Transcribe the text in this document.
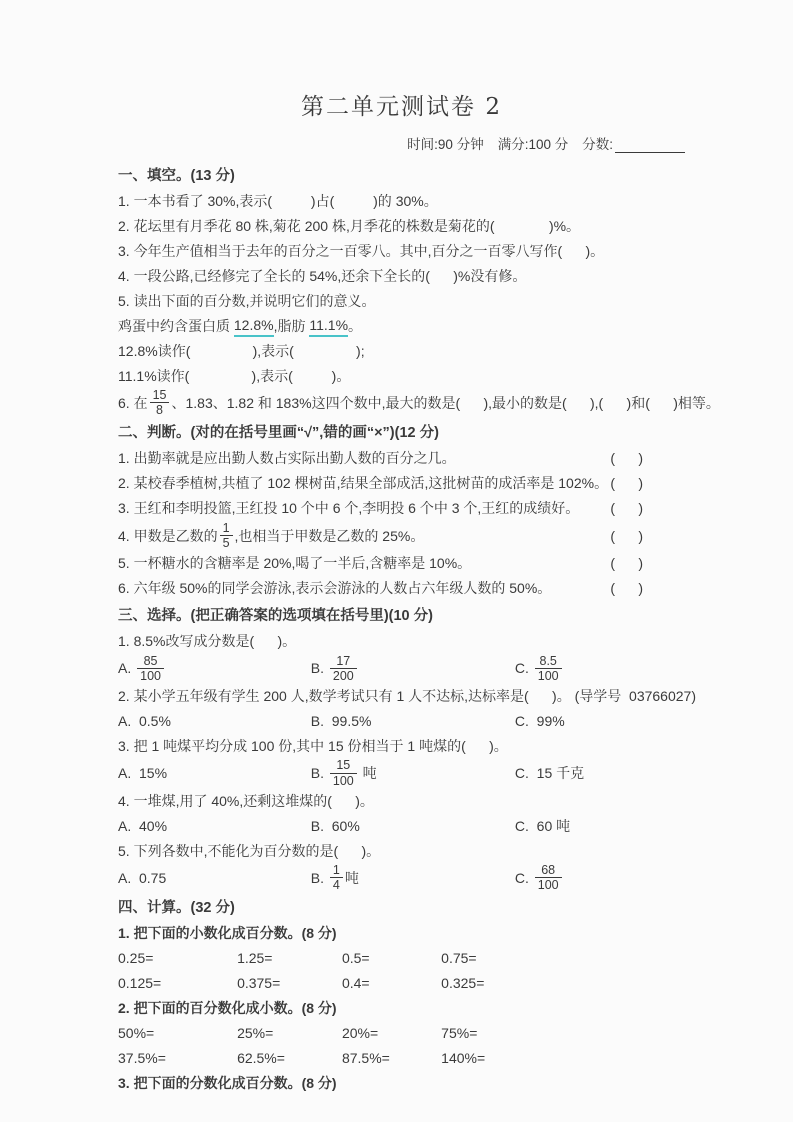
第二单元测试卷 2
时间:90 分钟 满分:100 分 分数:
一、填空。(13 分)
1. 一本书看了 30%,表示(          )占(          )的 30%。
2. 花坛里有月季花 80 株,菊花 200 株,月季花的株数是菊花的(              )%。
3. 今年生产值相当于去年的百分之一百零八。其中,百分之一百零八写作(      )。
4. 一段公路,已经修完了全长的 54%,还余下全长的(      )%没有修。
5. 读出下面的百分数,并说明它们的意义。
鸡蛋中约含蛋白质 12.8% ,脂肪 11.1% 。
12.8%读作(                ),表示(                );
11.1%读作(                ),表示(          )。
6. 在 $\frac{15}{8}$ 、1.83、1.82 和 183%这四个数中,最大的数是(      ),最小的数是(      ),(      )和(      )相等。
二、判断。(对的在括号里画“√”,错的画“×”)(12 分)
1. 出勤率就是应出勤人数占实际出勤人数的百分之几。	(      )
2. 某校春季植树,共植了 102 棵树苗,结果全部成活,这批树苗的成活率是 102%。 (      )
3. 王红和李明投篮,王红投 10 个中 6 个,李明投 6 个中 3 个,王红的成绩好。 (      )
4. 甲数是乙数的 $\frac{1}{5}$ ,也相当于甲数是乙数的 25%。	(      )
5. 一杯糖水的含糖率是 20%,喝了一半后,含糖率是 10%。	(      )
6. 六年级 50%的同学会游泳,表示会游泳的人数占六年级人数的 50%。	(      )
三、选择。(把正确答案的选项填在括号里)(10 分)
1. 8.5%改写成分数是(      )。
A. $\frac{85}{100}$	B. $\frac{17}{200}$	C. $\frac{8.5}{100}$
2. 某小学五年级有学生 200 人,数学考试只有 1 人不达标,达标率是(      )。 (导学号  03766027)
A.  0.5%	B.  99.5%	C.  99%
3. 把 1 吨煤平均分成 100 份,其中 15 份相当于 1 吨煤的(      )。
A.  15%	B. $\frac{15}{100}$ 吨	C.  15 千克
4. 一堆煤,用了 40%,还剩这堆煤的(      )。
A.  40%	B.  60%	C.  60 吨
5. 下列各数中,不能化为百分数的是(      )。
A.  0.75	B. $\frac{1}{4}$ 吨	C. $\frac{68}{100}$
四、计算。(32 分)
1. 把下面的小数化成百分数。(8 分)
0.25=	1.25=	0.5=	0.75=
0.125=	0.375=	0.4=	0.325=
2. 把下面的百分数化成小数。(8 分)
50%=	25%=	20%=	75%=
37.5%=	62.5%=	87.5%=	140%=
3. 把下面的分数化成百分数。(8 分)
